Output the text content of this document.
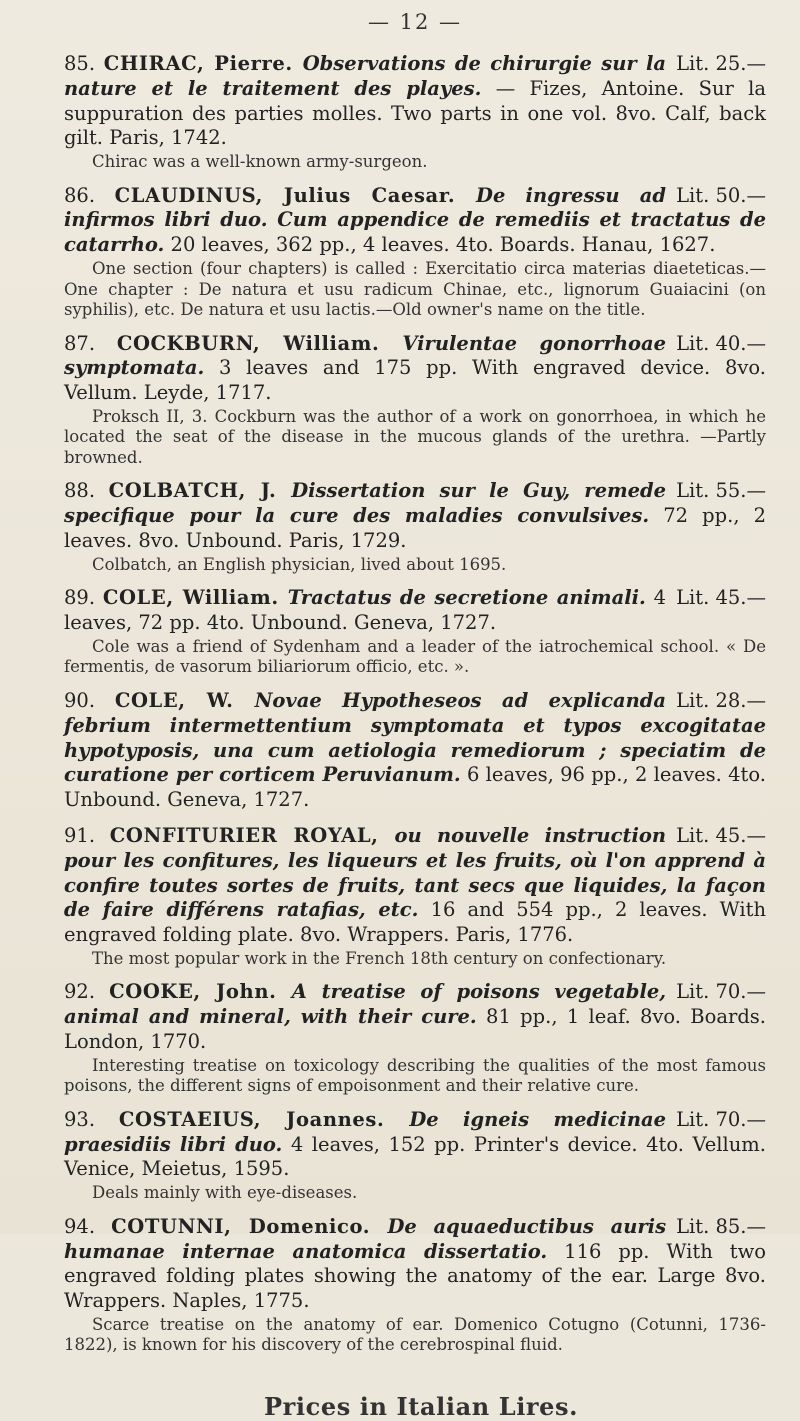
— 12 —
Lit. 25.—
85. CHIRAC, Pierre. Observations de chirurgie sur la nature et le traitement des playes. — Fizes, Antoine. Sur la suppuration des parties molles. Two parts in one vol. 8vo. Calf, back gilt. Paris, 1742.
Chirac was a well-known army-surgeon.
Lit. 50.—
86. CLAUDINUS, Julius Caesar. De ingressu ad infirmos libri duo. Cum appendice de remediis et tractatus de catarrho. 20 leaves, 362 pp., 4 leaves. 4to. Boards. Hanau, 1627.
One section (four chapters) is called : Exercitatio circa materias diaeteticas.—One chapter : De natura et usu radicum Chinae, etc., lignorum Guaiacini (on syphilis), etc. De natura et usu lactis.—Old owner's name on the title.
Lit. 40.—
87. COCKBURN, William. Virulentae gonorrhoae symptomata. 3 leaves and 175 pp. With engraved device. 8vo. Vellum. Leyde, 1717.
Proksch II, 3. Cockburn was the author of a work on gonorrhoea, in which he located the seat of the disease in the mucous glands of the urethra. —Partly browned.
Lit. 55.—
88. COLBATCH, J. Dissertation sur le Guy, remede specifique pour la cure des maladies convulsives. 72 pp., 2 leaves. 8vo. Unbound. Paris, 1729.
Colbatch, an English physician, lived about 1695.
Lit. 45.—
89. COLE, William. Tractatus de secretione animali. 4 leaves, 72 pp. 4to. Unbound. Geneva, 1727.
Cole was a friend of Sydenham and a leader of the iatrochemical school. « De fermentis, de vasorum biliariorum officio, etc. ».
Lit. 28.—
90. COLE, W. Novae Hypotheseos ad explicanda febrium intermettentium symptomata et typos excogitatae hypotyposis, una cum aetiologia remediorum ; speciatim de curatione per corticem Peruvianum. 6 leaves, 96 pp., 2 leaves. 4to. Unbound. Geneva, 1727.
Lit. 45.—
91. CONFITURIER ROYAL, ou nouvelle instruction pour les confitures, les liqueurs et les fruits, où l'on apprend à confire toutes sortes de fruits, tant secs que liquides, la façon de faire différens ratafias, etc. 16 and 554 pp., 2 leaves. With engraved folding plate. 8vo. Wrappers. Paris, 1776.
The most popular work in the French 18th century on confectionary.
Lit. 70.—
92. COOKE, John. A treatise of poisons vegetable, animal and mineral, with their cure. 81 pp., 1 leaf. 8vo. Boards. London, 1770.
Interesting treatise on toxicology describing the qualities of the most famous poisons, the different signs of empoisonment and their relative cure.
Lit. 70.—
93. COSTAEIUS, Joannes. De igneis medicinae praesidiis libri duo. 4 leaves, 152 pp. Printer's device. 4to. Vellum. Venice, Meietus, 1595.
Deals mainly with eye-diseases.
Lit. 85.—
94. COTUNNI, Domenico. De aquaeductibus auris humanae internae anatomica dissertatio. 116 pp. With two engraved folding plates showing the anatomy of the ear. Large 8vo. Wrappers. Naples, 1775.
Scarce treatise on the anatomy of ear. Domenico Cotugno (Cotunni, 1736-1822), is known for his discovery of the cerebrospinal fluid.
Prices in Italian Lires.
